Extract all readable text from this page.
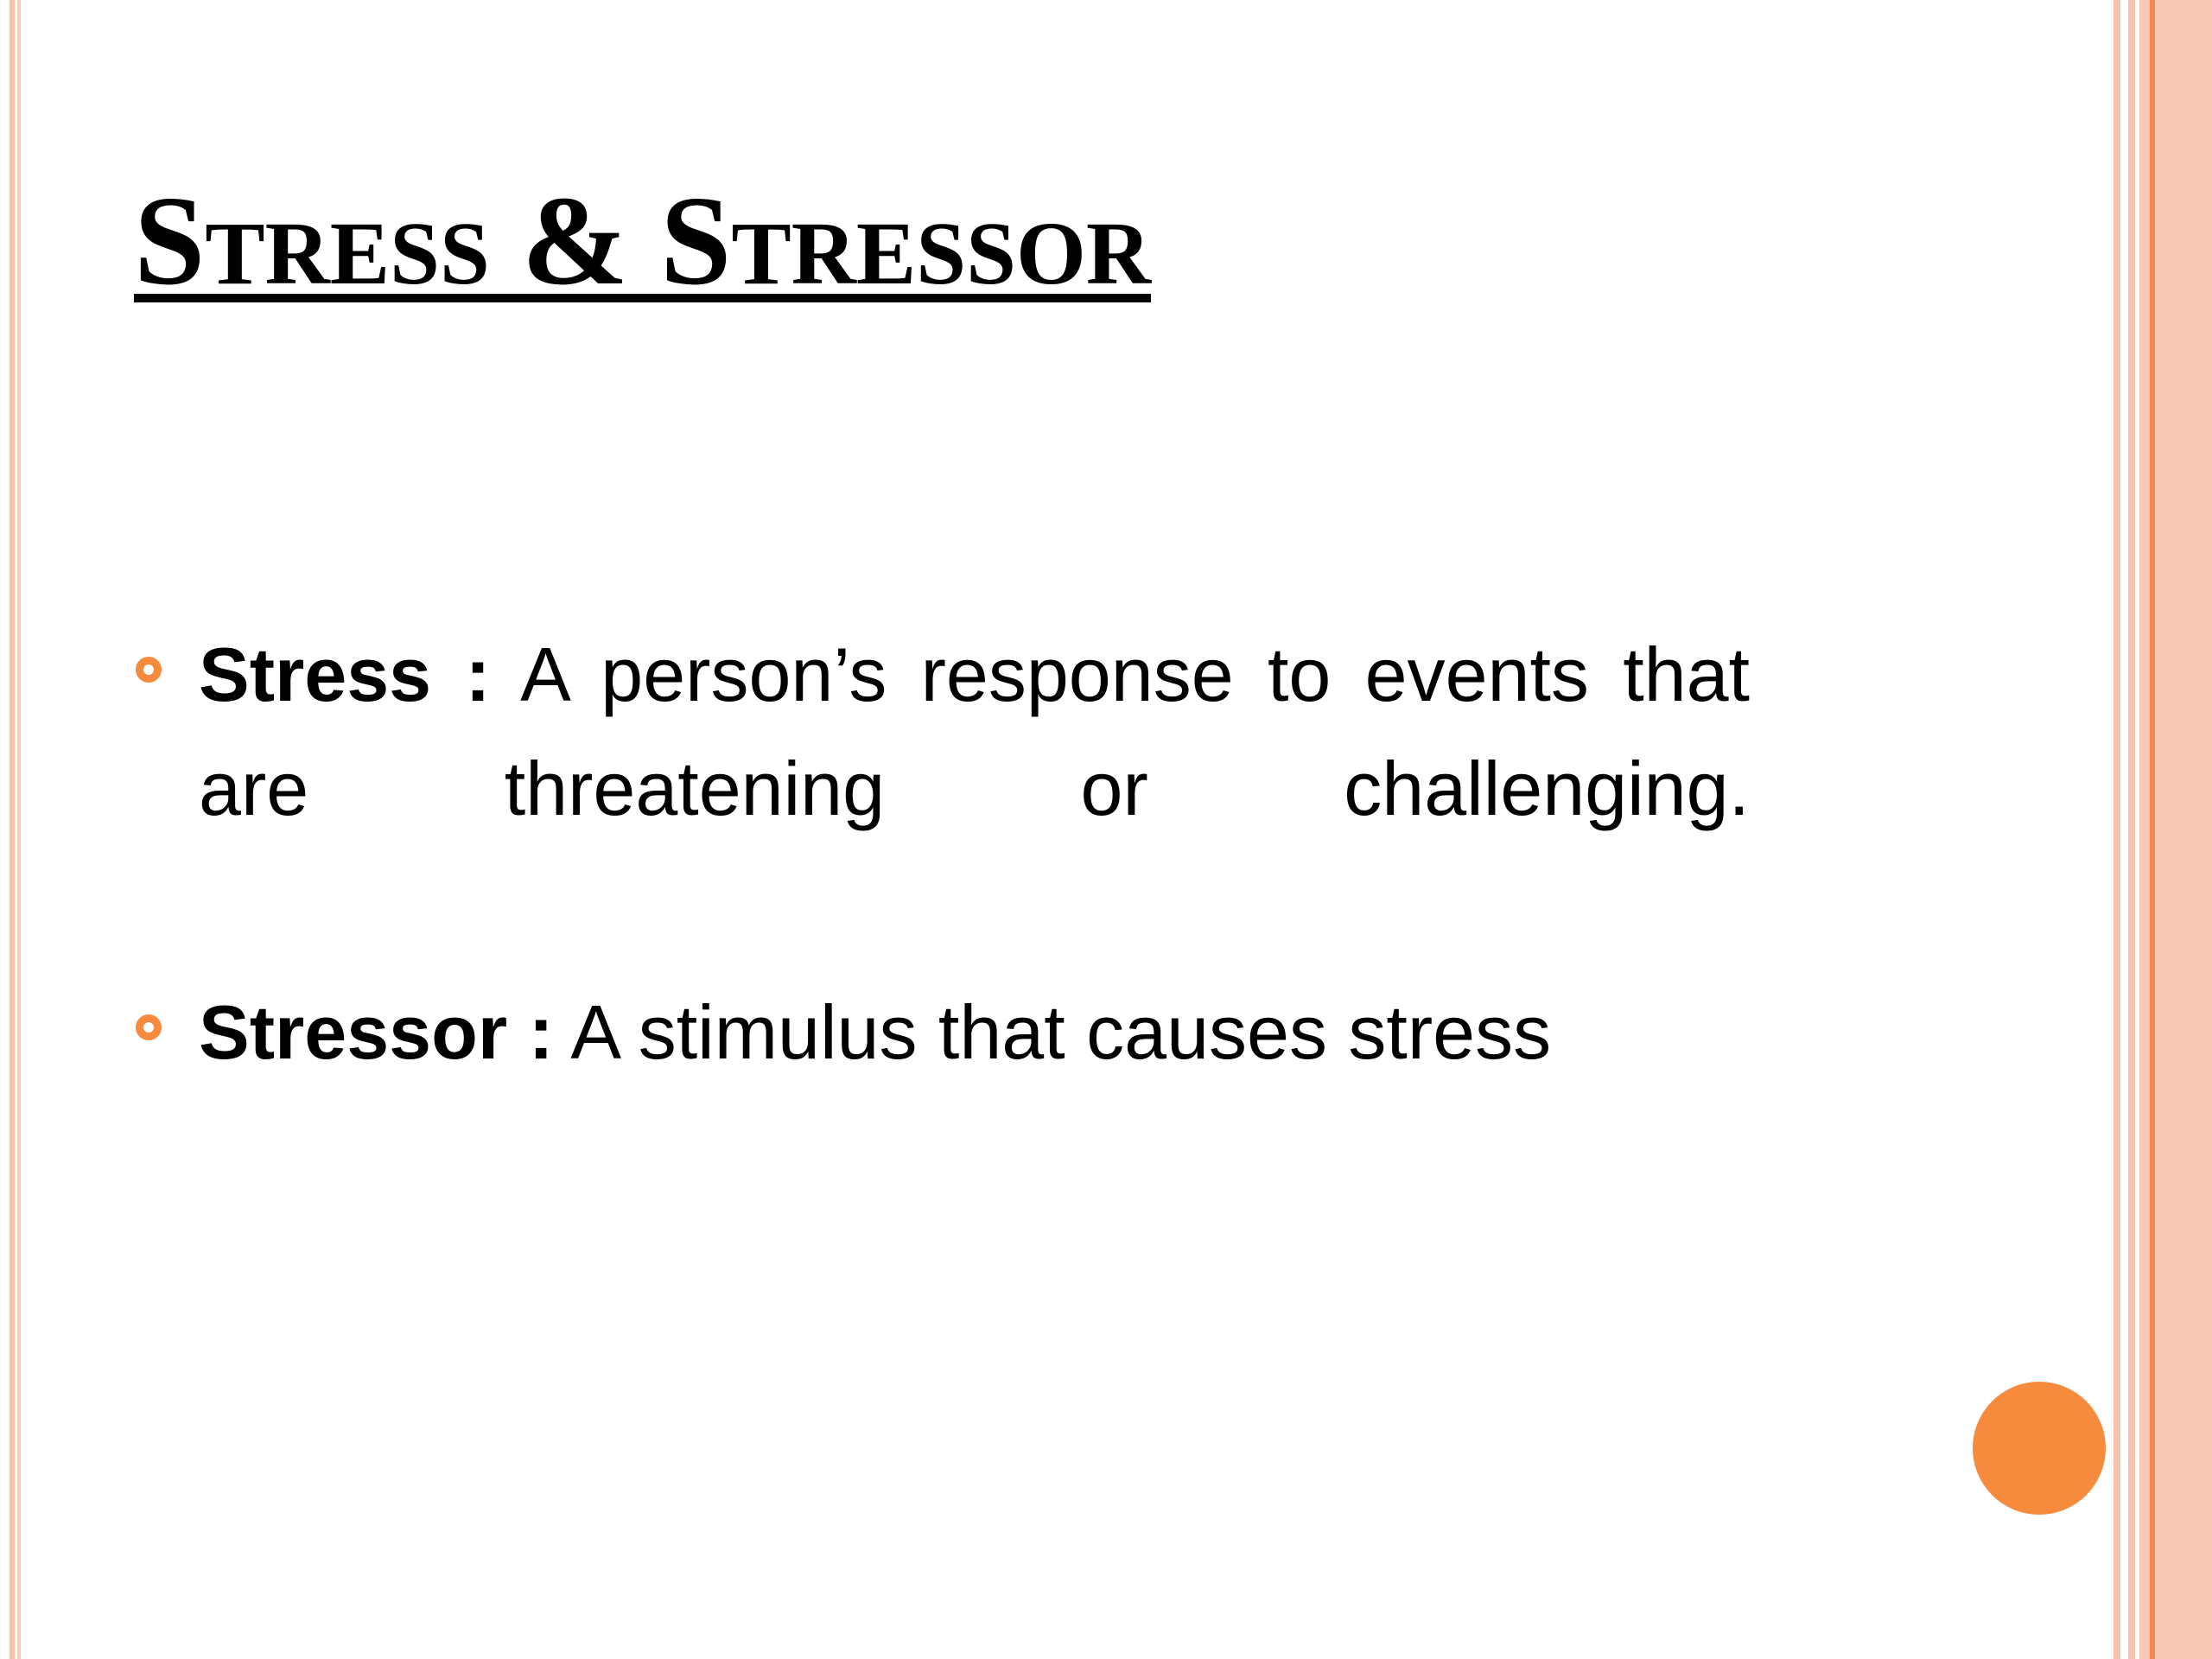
Stress & Stressor
Stress : A person’s response to events that are threatening or challenging.
Stressor : A stimulus that causes stress
